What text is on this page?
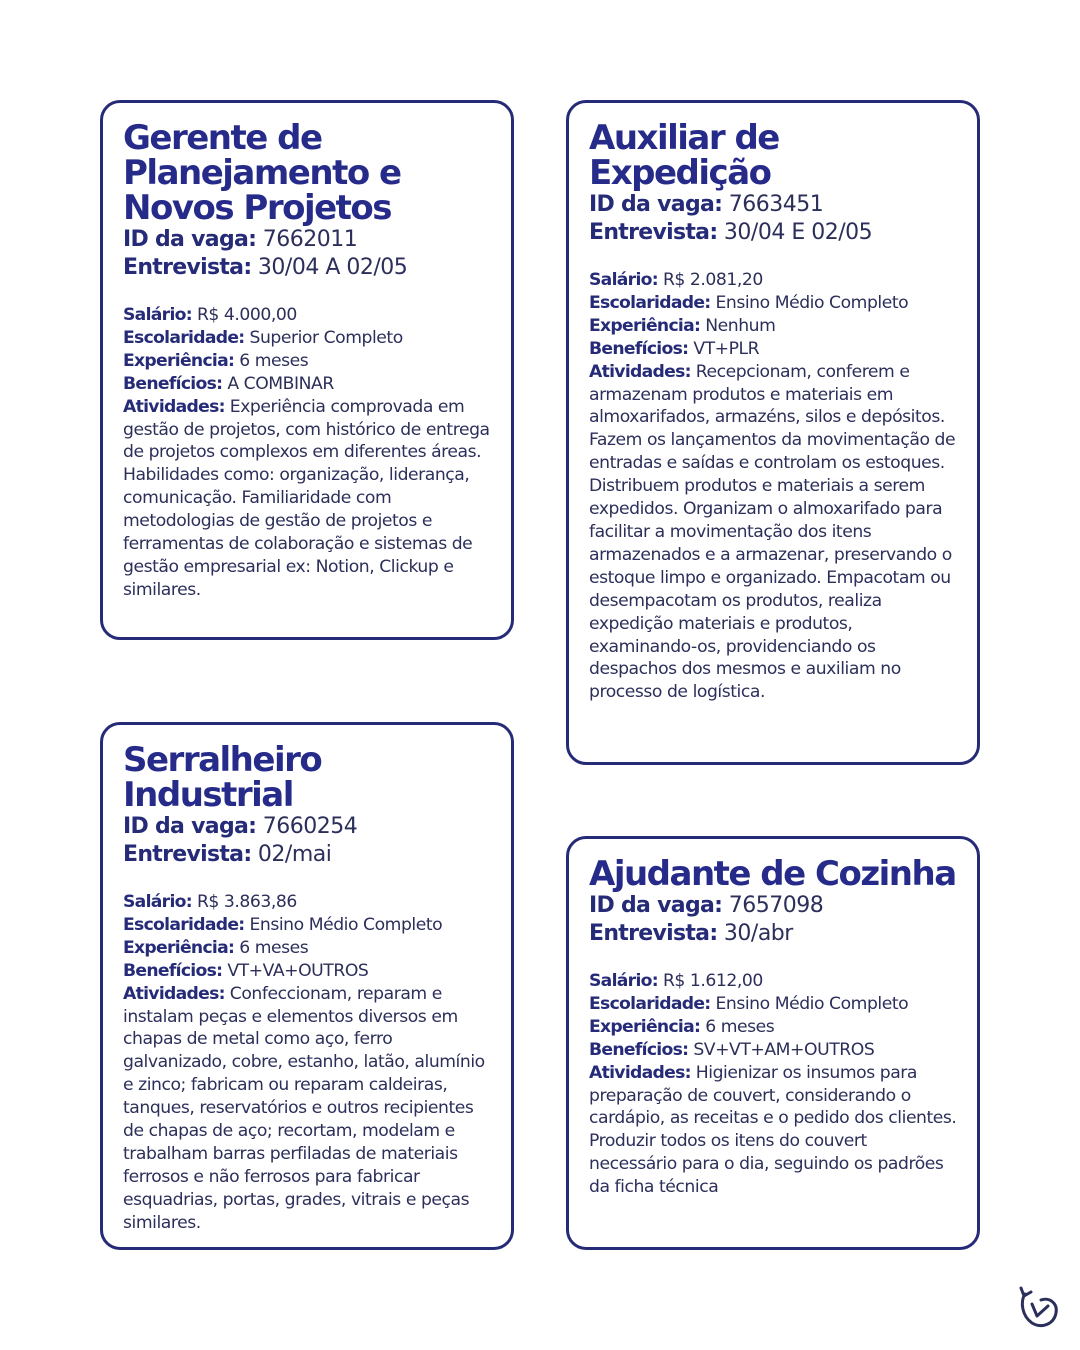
Gerente de Planejamento e Novos Projetos
ID da vaga: 7662011
Entrevista: 30/04 A 02/05
Salário: R$ 4.000,00
Escolaridade: Superior Completo
Experiência: 6 meses
Benefícios: A COMBINAR
Atividades: Experiência comprovada em gestão de projetos, com histórico de entrega de projetos complexos em diferentes áreas. Habilidades como: organização, liderança, comunicação. Familiaridade com metodologias de gestão de projetos e ferramentas de colaboração e sistemas de gestão empresarial ex: Notion, Clickup e similares.
Auxiliar de Expedição
ID da vaga: 7663451
Entrevista: 30/04 E 02/05
Salário: R$ 2.081,20
Escolaridade: Ensino Médio Completo
Experiência: Nenhum
Benefícios: VT+PLR
Atividades: Recepcionam, conferem e armazenam produtos e materiais em almoxarifados, armazéns, silos e depósitos. Fazem os lançamentos da movimentação de entradas e saídas e controlam os estoques. Distribuem produtos e materiais a serem expedidos. Organizam o almoxarifado para facilitar a movimentação dos itens armazenados e a armazenar, preservando o estoque limpo e organizado. Empacotam ou desempacotam os produtos, realiza expedição materiais e produtos, examinando-os, providenciando os despachos dos mesmos e auxiliam no processo de logística.
Serralheiro Industrial
ID da vaga: 7660254
Entrevista: 02/mai
Salário: R$ 3.863,86
Escolaridade: Ensino Médio Completo
Experiência: 6 meses
Benefícios: VT+VA+OUTROS
Atividades: Confeccionam, reparam e instalam peças e elementos diversos em chapas de metal como aço, ferro galvanizado, cobre, estanho, latão, alumínio e zinco; fabricam ou reparam caldeiras, tanques, reservatórios e outros recipientes de chapas de aço; recortam, modelam e trabalham barras perfiladas de materiais ferrosos e não ferrosos para fabricar esquadrias, portas, grades, vitrais e peças similares.
Ajudante de Cozinha
ID da vaga: 7657098
Entrevista: 30/abr
Salário: R$ 1.612,00
Escolaridade: Ensino Médio Completo
Experiência: 6 meses
Benefícios: SV+VT+AM+OUTROS
Atividades: Higienizar os insumos para preparação de couvert, considerando o cardápio, as receitas e o pedido dos clientes. Produzir todos os itens do couvert necessário para o dia, seguindo os padrões da ficha técnica
